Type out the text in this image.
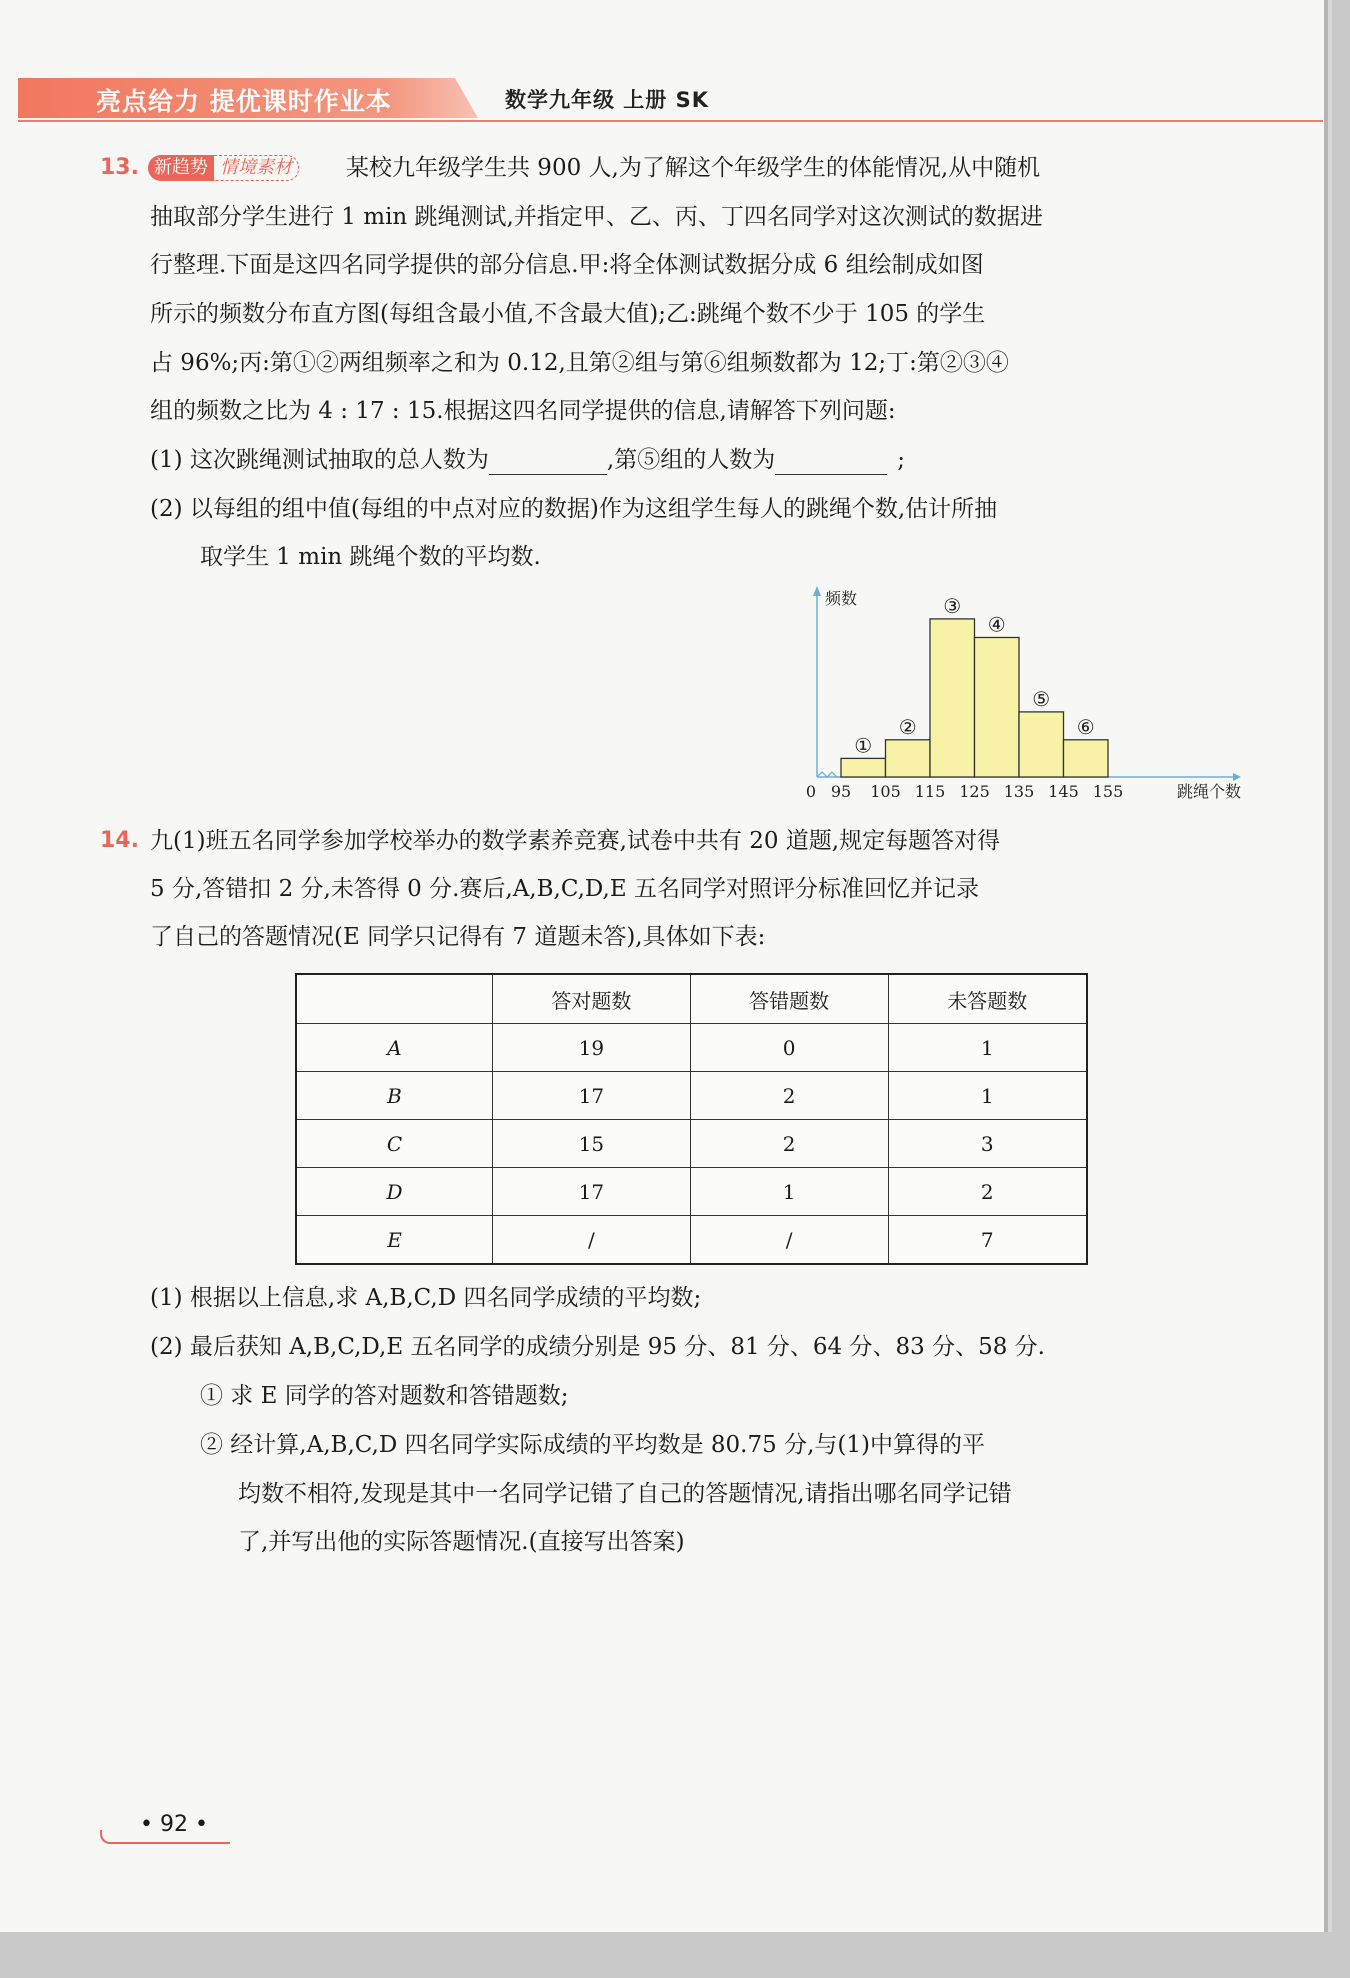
亮点给力 提优课时作业本	数学九年级 上册 SK
13. 新趋势 情境素材	某校九年级学生共 900 人,为了解这个年级学生的体能情况,从中随机
抽取部分学生进行 1 min 跳绳测试,并指定甲、乙、丙、丁四名同学对这次测试的数据进
行整理.下面是这四名同学提供的部分信息.甲:将全体测试数据分成 6 组绘制成如图
所示的频数分布直方图(每组含最小值,不含最大值);乙:跳绳个数不少于 105 的学生
占 96%;丙:第①②两组频率之和为 0.12,且第②组与第⑥组频数都为 12;丁:第②③④
组的频数之比为 4 : 17 : 15.根据这四名同学提供的信息,请解答下列问题:
(1) 这次跳绳测试抽取的总人数为	,第⑤组的人数为	;
(2) 以每组的组中值(每组的中点对应的数据)作为这组学生每人的跳绳个数,估计所抽
取学生 1 min 跳绳个数的平均数.
①
②
③
④
⑤
⑥
0 95 105 115 125 135 145 155
频数
跳绳个数
14. 九(1)班五名同学参加学校举办的数学素养竞赛,试卷中共有 20 道题,规定每题答对得
5 分,答错扣 2 分,未答得 0 分.赛后,A,B,C,D,E 五名同学对照评分标准回忆并记录
了自己的答题情况(E 同学只记得有 7 道题未答),具体如下表:
	答对题数	答错题数	未答题数
A	19	0	1
B	17	2	1
C	15	2	3
D	17	1	2
E	/	/	7
(1) 根据以上信息,求 A,B,C,D 四名同学成绩的平均数;
(2) 最后获知 A,B,C,D,E 五名同学的成绩分别是 95 分、81 分、64 分、83 分、58 分.
① 求 E 同学的答对题数和答错题数;
② 经计算,A,B,C,D 四名同学实际成绩的平均数是 80.75 分,与(1)中算得的平
均数不相符,发现是其中一名同学记错了自己的答题情况,请指出哪名同学记错
了,并写出他的实际答题情况.(直接写出答案)
• 92 •
